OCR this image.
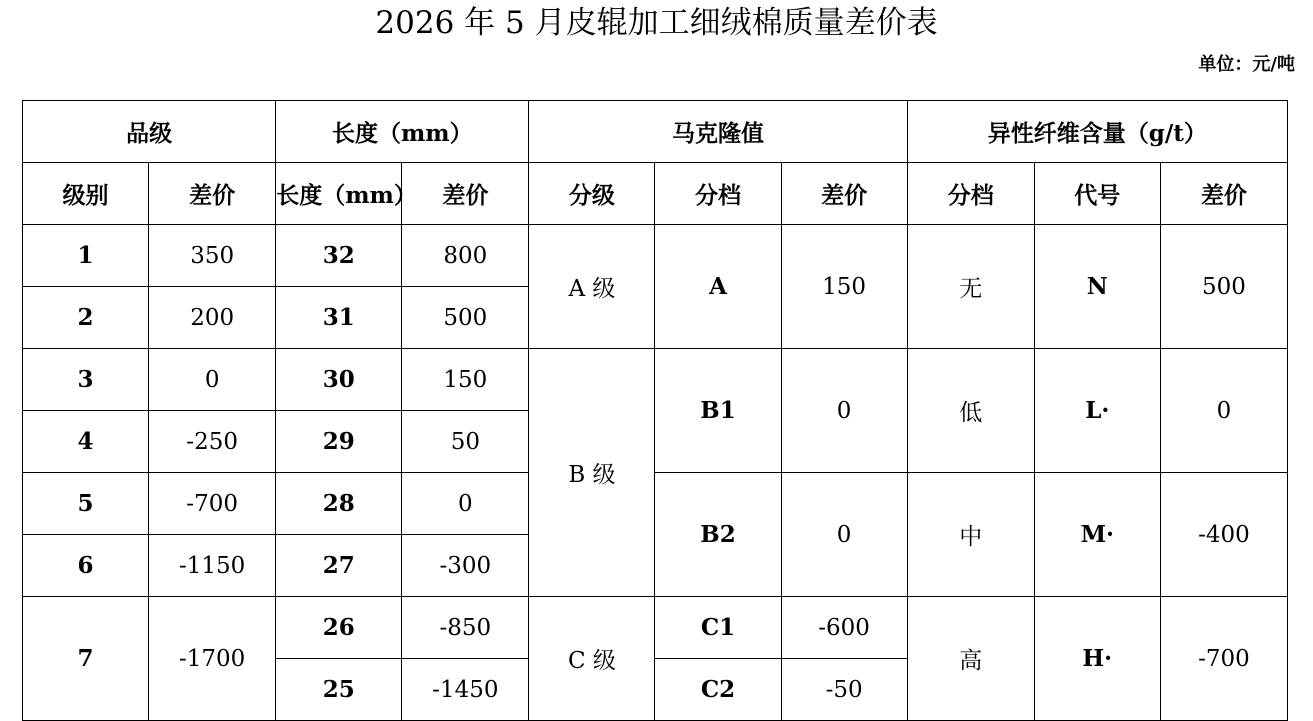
2026 年 5 月皮辊加工细绒棉质量差价表
单位：元/吨
品级		长度（mm）		马克隆值			异性纤维含量（g/t）		
级别	差价	长度（mm）	差价	分级	分档	差价	分档	代号	差价
1	350	32	800	A 级	A	150	无	N	500
2	200	31	500						
3	0	30	150	B 级	B1	0	低	L·	0
4	-250	29	50						
5	-700	28	0		B2	0	中	M·	-400
6	-1150	27	-300						
7	-1700	26	-850	C 级	C1	-600	高	H·	-700
		25	-1450		C2	-50			
